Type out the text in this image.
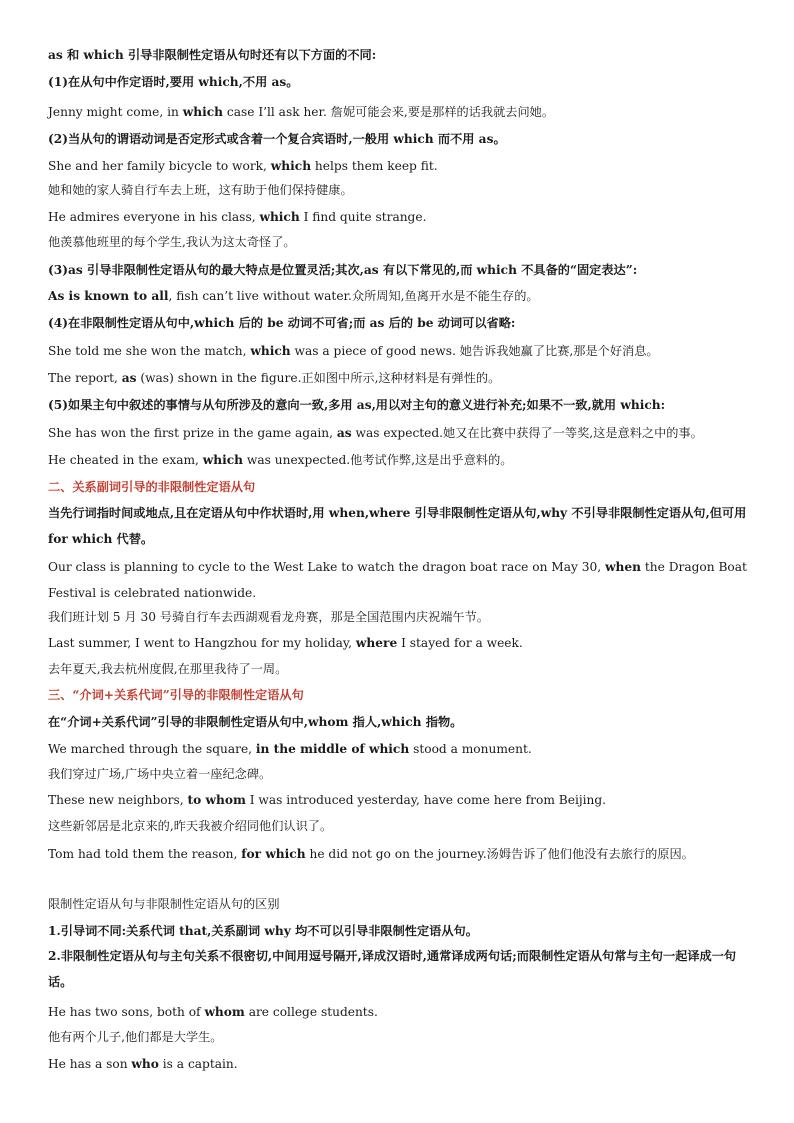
as 和 which 引导非限制性定语从句时还有以下方面的不同:

(1)在从句中作定语时,要用 which,不用 as。

Jenny might come, in which case I’ll ask her. 詹妮可能会来,要是那样的话我就去问她。

(2)当从句的谓语动词是否定形式或含着一个复合宾语时,一般用 which 而不用 as。

She and her family bicycle to work, which helps them keep fit.

她和她的家人骑自行车去上班，这有助于他们保持健康。

He admires everyone in his class, which I find quite strange.

他羡慕他班里的每个学生,我认为这太奇怪了。

(3)as 引导非限制性定语从句的最大特点是位置灵活;其次,as 有以下常见的,而 which 不具备的“固定表达”:

As is known to all, fish can’t live without water.众所周知,鱼离开水是不能生存的。

(4)在非限制性定语从句中,which 后的 be 动词不可省;而 as 后的 be 动词可以省略:

She told me she won the match, which was a piece of good news. 她告诉我她赢了比赛,那是个好消息。

The report, as (was) shown in the figure.正如图中所示,这种材料是有弹性的。

(5)如果主句中叙述的事情与从句所涉及的意向一致,多用 as,用以对主句的意义进行补充;如果不一致,就用 which:

She has won the first prize in the game again, as was expected.她又在比赛中获得了一等奖,这是意料之中的事。

He cheated in the exam, which was unexpected.他考试作弊,这是出乎意料的。

二、关系副词引导的非限制性定语从句

当先行词指时间或地点,且在定语从句中作状语时,用 when,where 引导非限制性定语从句,why 不引导非限制性定语从句,但可用 for which 代替。

Our class is planning to cycle to the West Lake to watch the dragon boat race on May 30, when the Dragon Boat Festival is celebrated nationwide.

我们班计划 5 月 30 号骑自行车去西湖观看龙舟赛，那是全国范围内庆祝端午节。

Last summer, I went to Hangzhou for my holiday, where I stayed for a week.

去年夏天,我去杭州度假,在那里我待了一周。

三、“介词+关系代词”引导的非限制性定语从句

在“介词+关系代词”引导的非限制性定语从句中,whom 指人,which 指物。

We marched through the square, in the middle of which stood a monument.

我们穿过广场,广场中央立着一座纪念碑。

These new neighbors, to whom I was introduced yesterday, have come here from Beijing.

这些新邻居是北京来的,昨天我被介绍同他们认识了。

Tom had told them the reason, for which he did not go on the journey.汤姆告诉了他们他没有去旅行的原因。

限制性定语从句与非限制性定语从句的区别

1.引导词不同:关系代词 that,关系副词 why 均不可以引导非限制性定语从句。

2.非限制性定语从句与主句关系不很密切,中间用逗号隔开,译成汉语时,通常译成两句话;而限制性定语从句常与主句一起译成一句话。

He has two sons, both of whom are college students.

他有两个儿子,他们都是大学生。

He has a son who is a captain.
